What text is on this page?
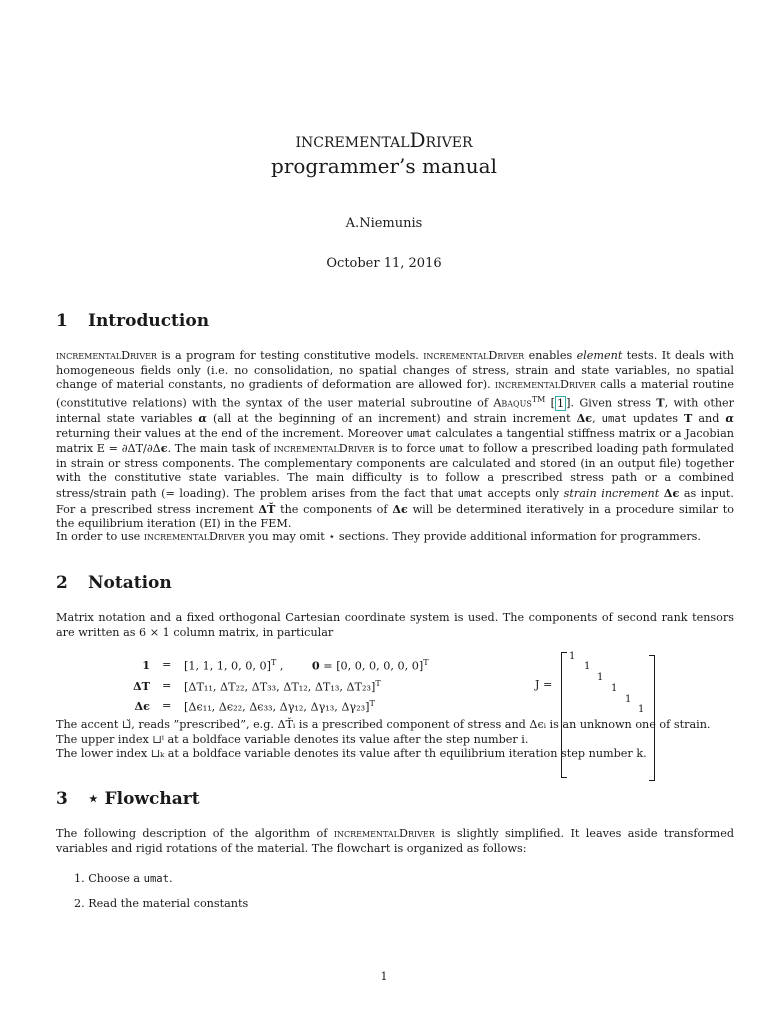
incrementalDriver
programmer’s manual
A.Niemunis
October 11, 2016
1 Introduction

incrementalDriver is a program for testing constitutive models. incrementalDriver enables element tests. It deals with homogeneous fields only (i.e. no consolidation, no spatial changes of stress, strain and state variables, no spatial change of material constants, no gradients of deformation are allowed for). incrementalDriver calls a material routine (constitutive relations) with the syntax of the user material subroutine of Abaqus™ [ 1 ]. Given stress T, with other internal state variables α (all at the beginning of an increment) and strain increment Δϵ, umat updates T and α returning their values at the end of the increment. Moreover umat calculates a tangential stiffness matrix or a Jacobian matrix E = ∂ΔT/∂Δϵ. The main task of incrementalDriver is to force umat to follow a prescribed loading path formulated in strain or stress components. The complementary components are calculated and stored (in an output file) together with the constitutive state variables. The main difficulty is to follow a prescribed stress path or a combined stress/strain path (= loading). The problem arises from the fact that umat accepts only strain increment Δϵ as input. For a prescribed stress increment ΔŤ the components of Δϵ will be determined iteratively in a procedure similar to the equilibrium iteration (EI) in the FEM.

In order to use incrementalDriver you may omit ⋆ sections. They provide additional information for programmers.

2 Notation

Matrix notation and a fixed orthogonal Cartesian coordinate system is used. The components of second rank tensors are written as 6 × 1 column matrix, in particular

1 = [1, 1, 1, 0, 0, 0]$^T$ ,        0 = [0, 0, 0, 0, 0, 0]$^T$
ΔT = [ΔT₁₁, ΔT₂₂, ΔT₃₃, ΔT₁₂, ΔT₁₃, ΔT₂₃]$^T$
Δϵ = [Δϵ₁₁, Δϵ₂₂, Δϵ₃₃, Δγ₁₂, Δγ₁₃, Δγ₂₃]$^T$
J =
1
1
1
1
1
1

The accent ⊔̌, reads ”prescribed”, e.g. ΔŤᵢ is a prescribed component of stress and Δϵᵢ is an unknown one of strain.

The upper index ⊔ⁱ at a boldface variable denotes its value after the step number i.

The lower index ⊔ₖ at a boldface variable denotes its value after th equilibrium iteration step number k.

3 ⋆ Flowchart

The following description of the algorithm of incrementalDriver is slightly simplified. It leaves aside transformed variables and rigid rotations of the material. The flowchart is organized as follows:

1. Choose a umat.
2. Read the material constants
1
